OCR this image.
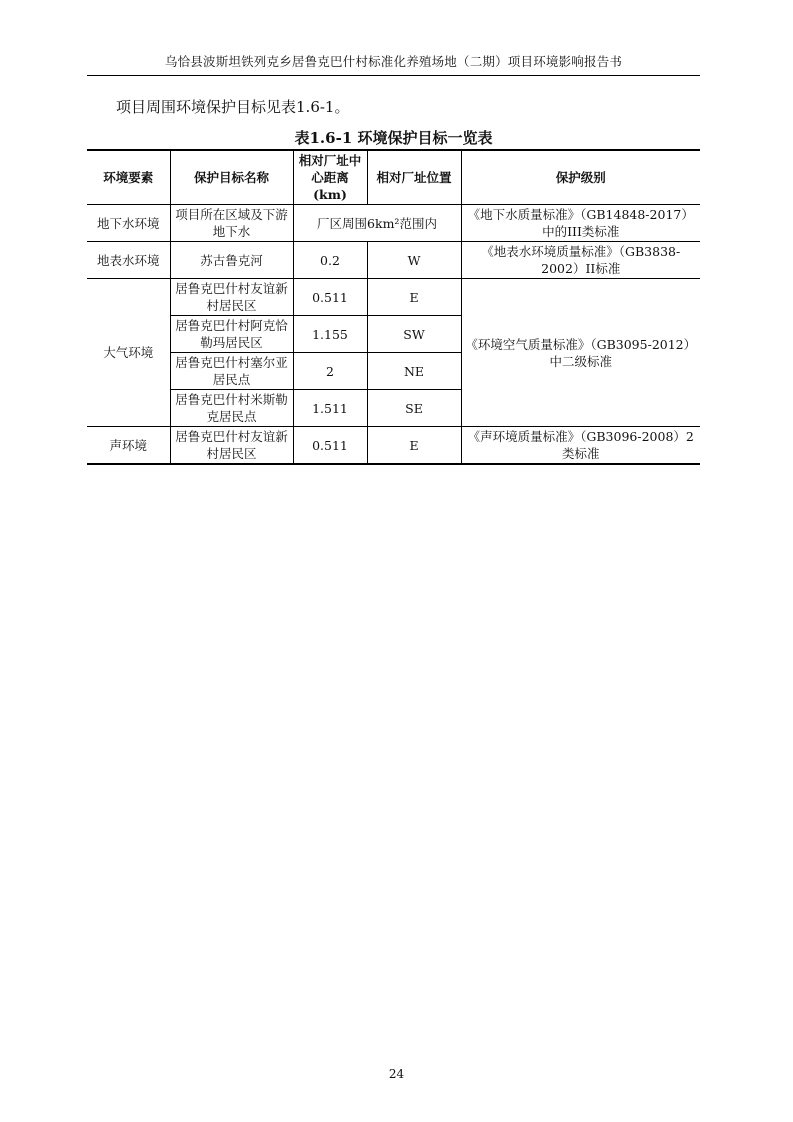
乌恰县波斯坦铁列克乡居鲁克巴什村标准化养殖场地（二期）项目环境影响报告书

项目周围环境保护目标见表1.6-1。

表1.6-1 环境保护目标一览表
环境要素	保护目标名称	相对厂址中心距离(km)	相对厂址位置	保护级别
地下水环境	项目所在区域及下游地下水	厂区周围6km²范围内		《地下水质量标准》（GB14848-2017）中的III类标准
地表水环境	苏古鲁克河	0.2	W	《地表水环境质量标准》（GB3838-2002）II标准
大气环境	居鲁克巴什村友谊新村居民区	0.511	E	《环境空气质量标准》（GB3095-2012）中二级标准
	居鲁克巴什村阿克恰勒玛居民区	1.155	SW	
	居鲁克巴什村塞尔亚居民点	2	NE	
	居鲁克巴什村米斯勒克居民点	1.511	SE	
声环境	居鲁克巴什村友谊新村居民区	0.511	E	《声环境质量标准》（GB3096-2008）2类标准
24
